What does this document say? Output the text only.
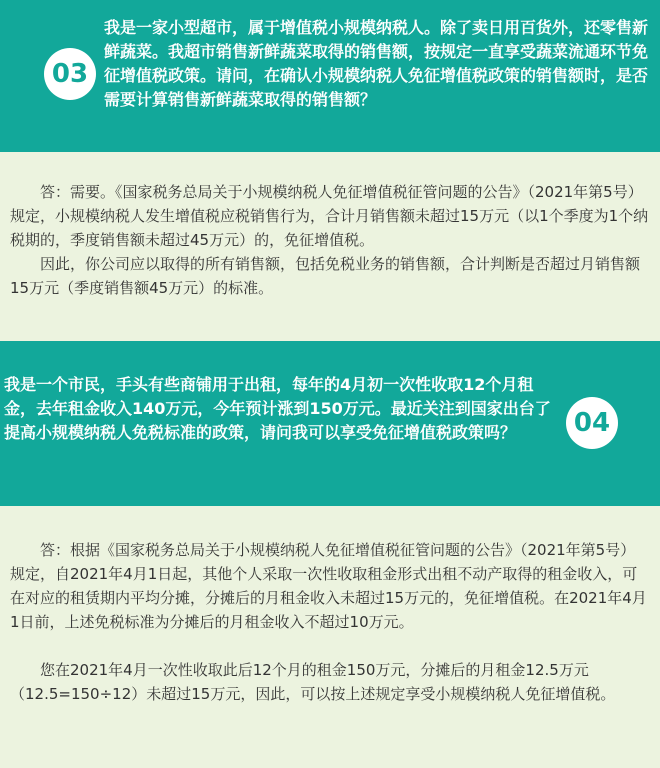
03
我是一家小型超市，属于增值税小规模纳税人。除了卖日用百货外，还零售新鲜蔬菜。我超市销售新鲜蔬菜取得的销售额，按规定一直享受蔬菜流通环节免征增值税政策。请问，在确认小规模纳税人免征增值税政策的销售额时，是否需要计算销售新鲜蔬菜取得的销售额？

答：需要。《国家税务总局关于小规模纳税人免征增值税征管问题的公告》（2021年第5号）规定，小规模纳税人发生增值税应税销售行为，合计月销售额未超过15万元（以1个季度为1个纳税期的，季度销售额未超过45万元）的，免征增值税。

因此，你公司应以取得的所有销售额，包括免税业务的销售额，合计判断是否超过月销售额15万元（季度销售额45万元）的标准。

我是一个市民，手头有些商铺用于出租，每年的4月初一次性收取12个月租金，去年租金收入140万元，今年预计涨到150万元。最近关注到国家出台了提高小规模纳税人免税标准的政策，请问我可以享受免征增值税政策吗？	04

答：根据《国家税务总局关于小规模纳税人免征增值税征管问题的公告》（2021年第5号）规定，自2021年4月1日起，其他个人采取一次性收取租金形式出租不动产取得的租金收入，可在对应的租赁期内平均分摊，分摊后的月租金收入未超过15万元的，免征增值税。在2021年4月1日前，上述免税标准为分摊后的月租金收入不超过10万元。

您在2021年4月一次性收取此后12个月的租金150万元，分摊后的月租金12.5万元（12.5=150÷12）未超过15万元，因此，可以按上述规定享受小规模纳税人免征增值税。
